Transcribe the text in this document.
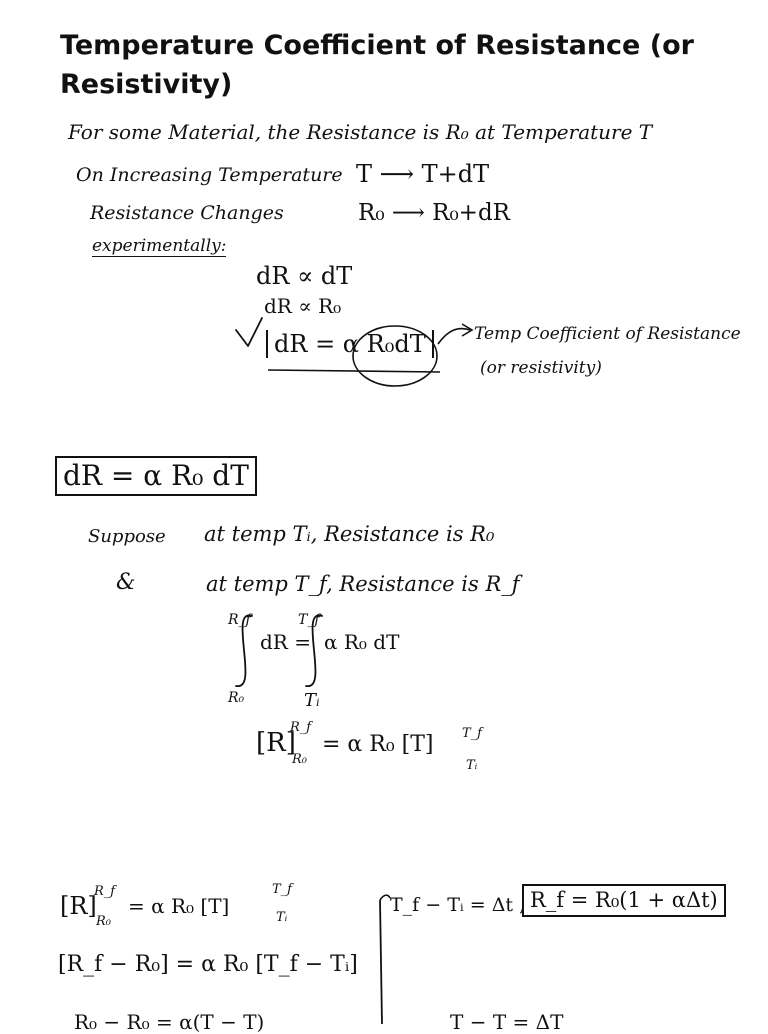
Temperature Coefficient of Resistance (or Resistivity)
For some Material, the Resistance is R₀ at Temperature T
On Increasing Temperature T ⟶ T+dT
Resistance Changes	R₀ ⟶ R₀+dR
experimentally:
dR ∝ dT
dR ∝ R₀
dR = α R₀dT	Temp Coefficient of Resistance
(or resistivity)
dR = α R₀ dT
Suppose at temp Tᵢ, Resistance is R₀
&	at temp T_f, Resistance is R_f
R_f
R₀
dR =
T_f
Tᵢ
α R₀ dT
[R]
R_f
R₀
= α R₀ [T] T_f
Tᵢ
[R]
R_f
R₀
= α R₀ [T]
T_f
Tᵢ
[R_f − R₀] = α R₀ [T_f − Tᵢ]
R₀ − R₀ = α(T − T)
T_f − Tᵢ = Δt , R_f = R₀(1 + αΔt)
T − T = ΔT
